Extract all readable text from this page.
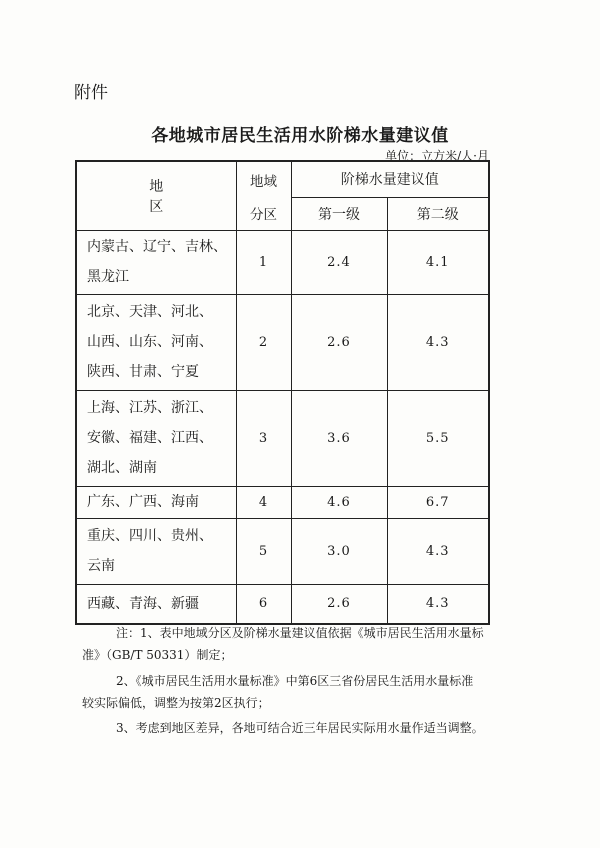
附件
各地城市居民生活用水阶梯水量建议值
单位：立方米/人·月
地　区	地域	阶梯水量建议值	
	分区	第一级	第二级

内蒙古、辽宁、吉林、
黑龙江	1	2.4	4.1

北京、天津、河北、
山西、山东、河南、
陕西、甘肃、宁夏	2	2.6	4.3

上海、江苏、浙江、
安徽、福建、江西、
湖北、湖南	3	3.6	5.5

广东、广西、海南	4	4.6	6.7

重庆、四川、贵州、
云南	5	3.0	4.3

西藏、青海、新疆	6	2.6	4.3
注：1、表中地域分区及阶梯水量建议值依据《城市居民生活用水量标
准》（GB/T 50331）制定；
2、《城市居民生活用水量标准》中第6区三省份居民生活用水量标准
较实际偏低，调整为按第2区执行；
3、考虑到地区差异，各地可结合近三年居民实际用水量作适当调整。
